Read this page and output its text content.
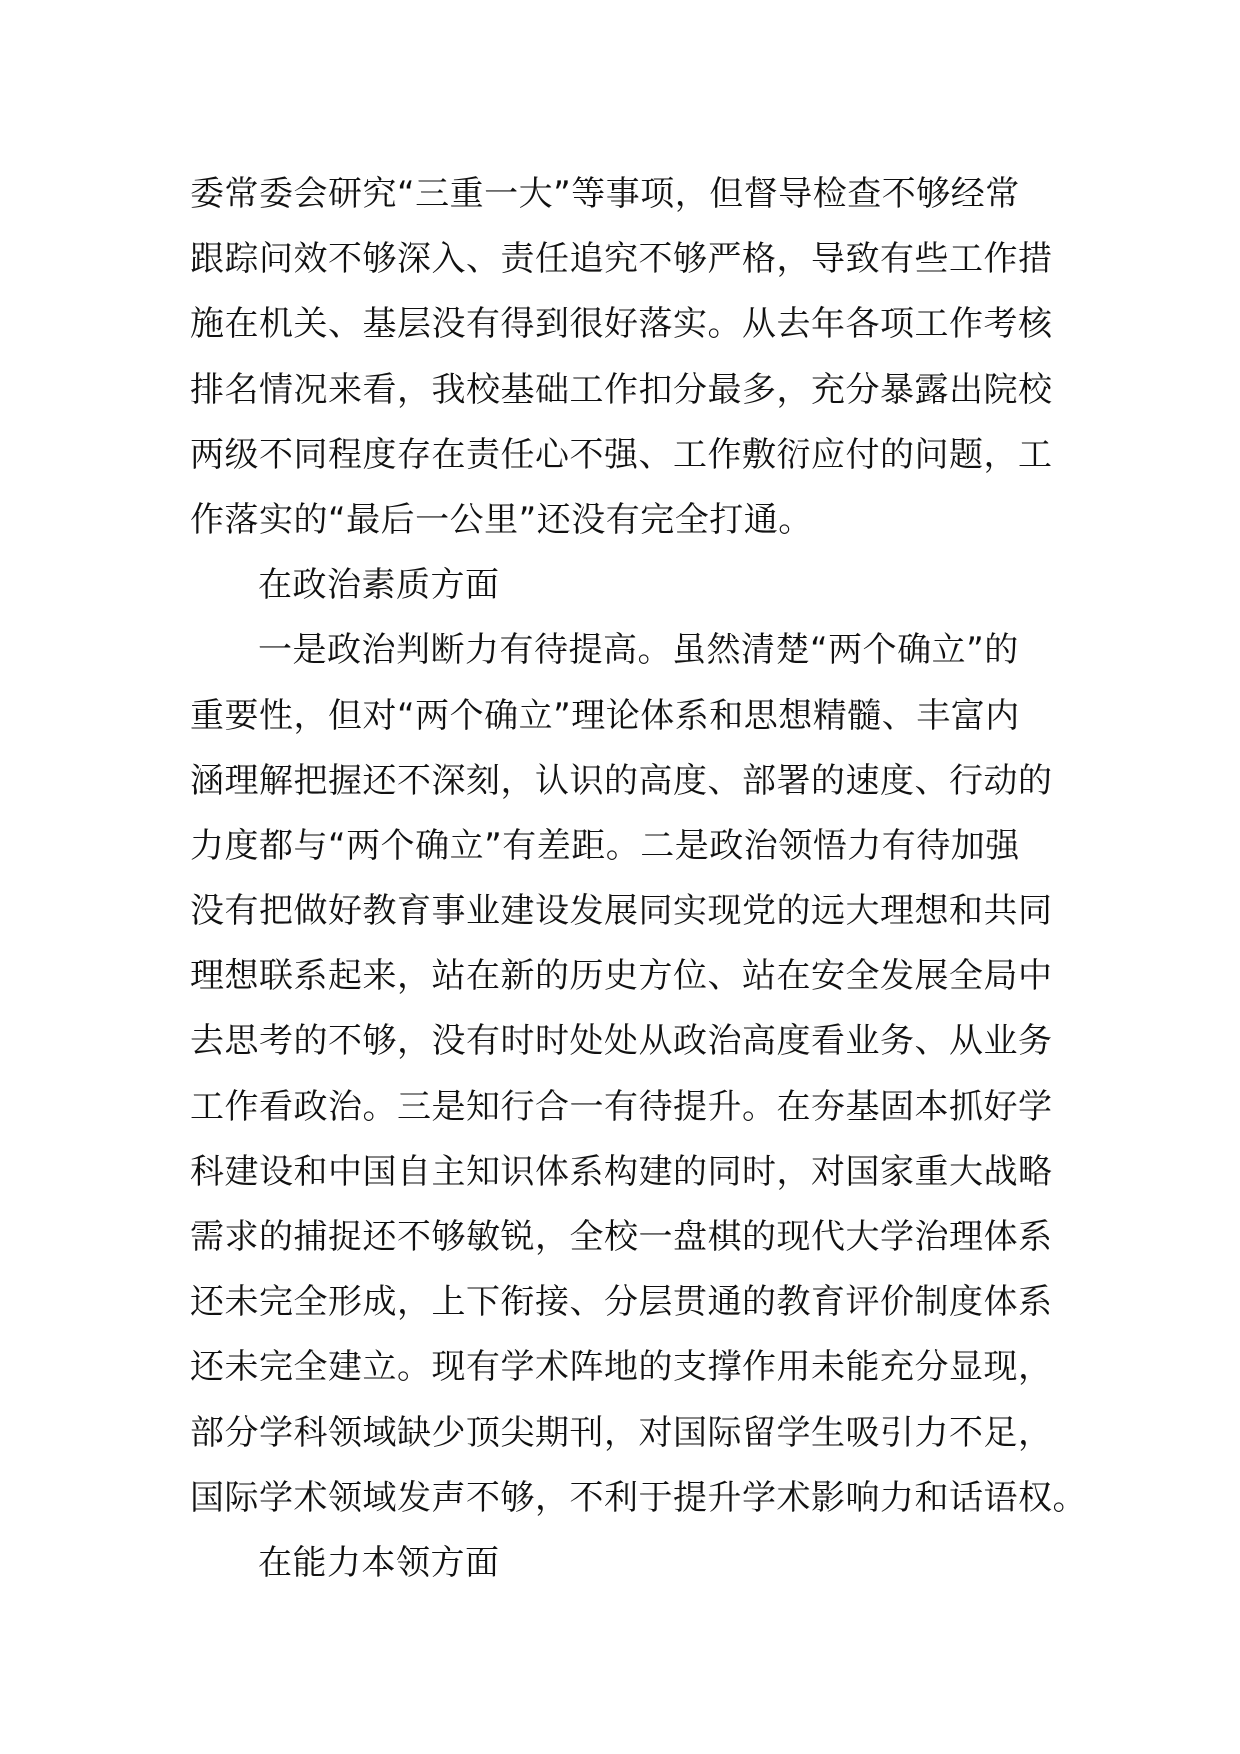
委常委会研究“三重一大”等事项，但督导检查不够经常
跟踪问效不够深入、责任追究不够严格，导致有些工作措
施在机关、基层没有得到很好落实。从去年各项工作考核
排名情况来看，我校基础工作扣分最多，充分暴露出院校
两级不同程度存在责任心不强、工作敷衍应付的问题，工
作落实的“最后一公里”还没有完全打通。
在政治素质方面
一是政治判断力有待提高。虽然清楚“两个确立”的
重要性，但对“两个确立”理论体系和思想精髓、丰富内
涵理解把握还不深刻，认识的高度、部署的速度、行动的
力度都与“两个确立”有差距。二是政治领悟力有待加强
没有把做好教育事业建设发展同实现党的远大理想和共同
理想联系起来，站在新的历史方位、站在安全发展全局中
去思考的不够，没有时时处处从政治高度看业务、从业务
工作看政治。三是知行合一有待提升。在夯基固本抓好学
科建设和中国自主知识体系构建的同时，对国家重大战略
需求的捕捉还不够敏锐，全校一盘棋的现代大学治理体系
还未完全形成，上下衔接、分层贯通的教育评价制度体系
还未完全建立。现有学术阵地的支撑作用未能充分显现，
部分学科领域缺少顶尖期刊，对国际留学生吸引力不足，
国际学术领域发声不够，不利于提升学术影响力和话语权。
在能力本领方面
